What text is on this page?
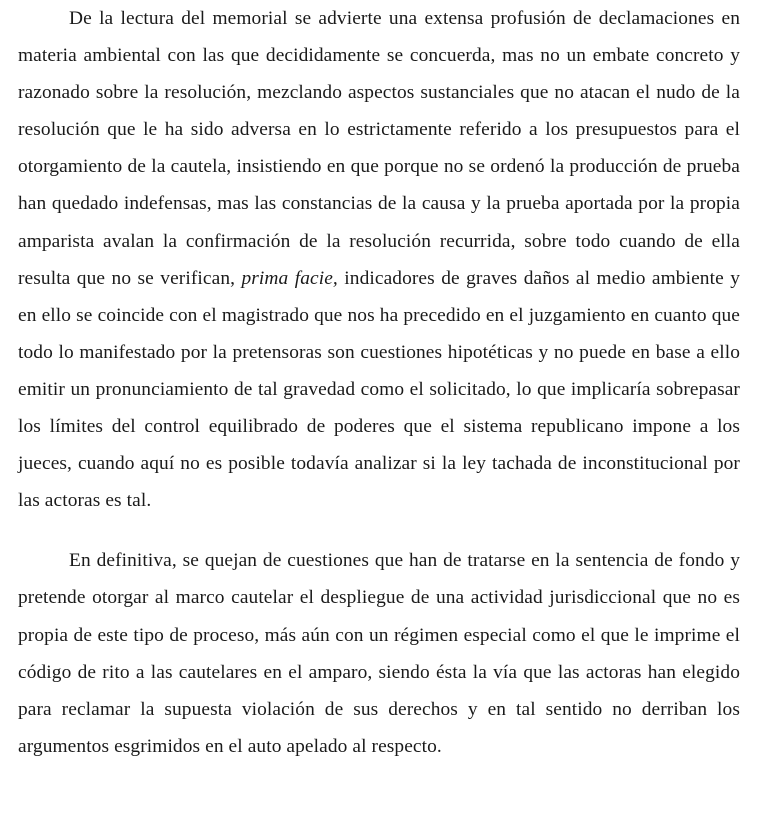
De la lectura del memorial se advierte una extensa profusión de declamaciones en materia ambiental con las que decididamente se concuerda, mas no un embate concreto y razonado sobre la resolución, mezclando aspectos sustanciales que no atacan el nudo de la resolución que le ha sido adversa en lo estrictamente referido a los presupuestos para el otorgamiento de la cautela, insistiendo en que porque no se ordenó la producción de prueba han quedado indefensas, mas las constancias de la causa y la prueba aportada por la propia amparista avalan la confirmación de la resolución recurrida, sobre todo cuando de ella resulta que no se verifican, prima facie, indicadores de graves daños al medio ambiente y en ello se coincide con el magistrado que nos ha precedido en el juzgamiento en cuanto que todo lo manifestado por la pretensoras son cuestiones hipotéticas y no puede en base a ello emitir un pronunciamiento de tal gravedad como el solicitado, lo que implicaría sobrepasar los límites del control equilibrado de poderes que el sistema republicano impone a los jueces, cuando aquí no es posible todavía analizar si la ley tachada de inconstitucional por las actoras es tal.

En definitiva, se quejan de cuestiones que han de tratarse en la sentencia de fondo y pretende otorgar al marco cautelar el despliegue de una actividad jurisdiccional que no es propia de este tipo de proceso, más aún con un régimen especial como el que le imprime el código de rito a las cautelares en el amparo, siendo ésta la vía que las actoras han elegido para reclamar la supuesta violación de sus derechos y en tal sentido no derriban los argumentos esgrimidos en el auto apelado al respecto.
